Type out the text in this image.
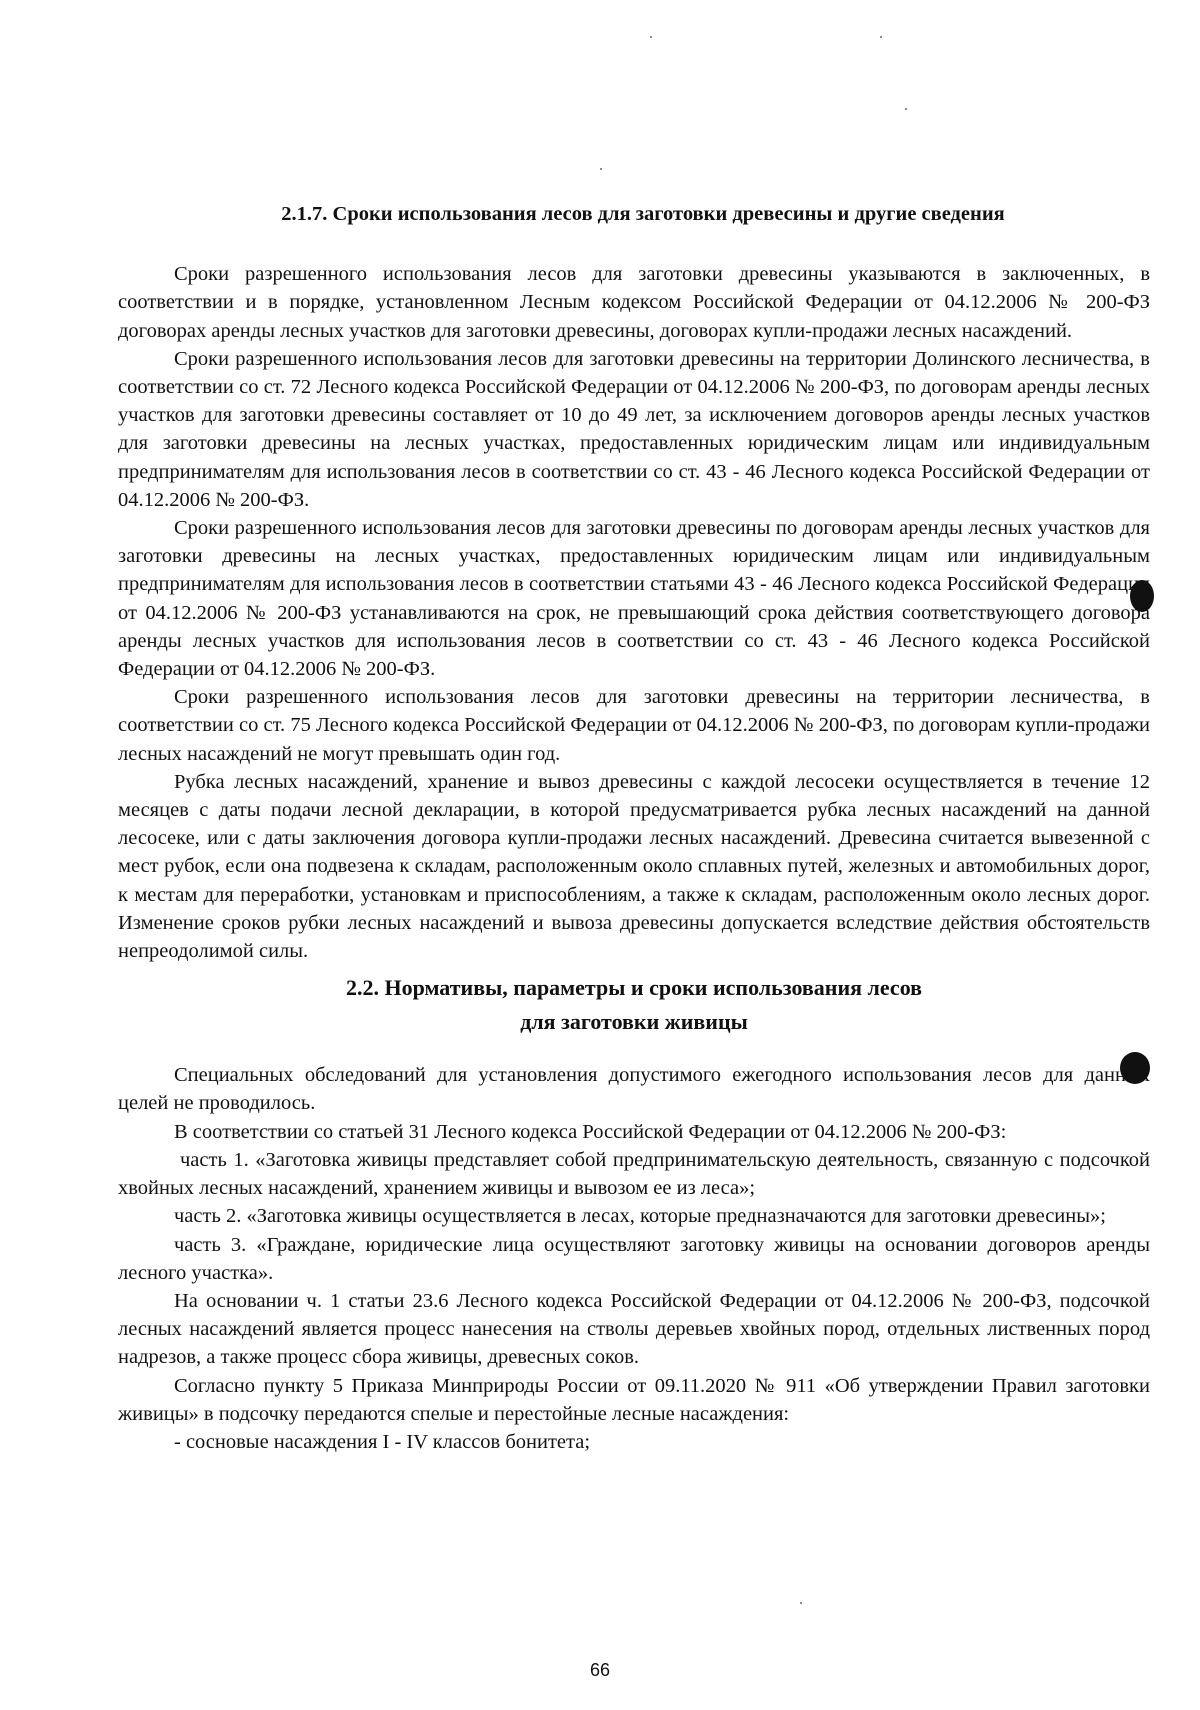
2.1.7. Сроки использования лесов для заготовки древесины и другие сведения

Сроки разрешенного использования лесов для заготовки древесины указываются в заключенных, в соответствии и в порядке, установленном Лесным кодексом Российской Федерации от 04.12.2006 № 200-ФЗ договорах аренды лесных участков для заготовки древесины, договорах купли-продажи лесных насаждений.

Сроки разрешенного использования лесов для заготовки древесины на территории Долинского лесничества, в соответствии со ст. 72 Лесного кодекса Российской Федерации от 04.12.2006 № 200-ФЗ, по договорам аренды лесных участков для заготовки древесины составляет от 10 до 49 лет, за исключением договоров аренды лесных участков для заготовки древесины на лесных участках, предоставленных юридическим лицам или индивидуальным предпринимателям для использования лесов в соответствии со ст. 43 - 46 Лесного кодекса Российской Федерации от 04.12.2006 № 200-ФЗ.

Сроки разрешенного использования лесов для заготовки древесины по договорам аренды лесных участков для заготовки древесины на лесных участках, предоставленных юридическим лицам или индивидуальным предпринимателям для использования лесов в соответствии статьями 43 - 46 Лесного кодекса Российской Федерации от 04.12.2006 № 200-ФЗ устанавливаются на срок, не превышающий срока действия соответствующего договора аренды лесных участков для использования лесов в соответствии со ст. 43 - 46 Лесного кодекса Российской Федерации от 04.12.2006 № 200-ФЗ.

Сроки разрешенного использования лесов для заготовки древесины на территории лесничества, в соответствии со ст. 75 Лесного кодекса Российской Федерации от 04.12.2006 № 200-ФЗ, по договорам купли-продажи лесных насаждений не могут превышать один год.

Рубка лесных насаждений, хранение и вывоз древесины с каждой лесосеки осуществляется в течение 12 месяцев с даты подачи лесной декларации, в которой предусматривается рубка лесных насаждений на данной лесосеке, или с даты заключения договора купли-продажи лесных насаждений. Древесина считается вывезенной с мест рубок, если она подвезена к складам, расположенным около сплавных путей, железных и автомобильных дорог, к местам для переработки, установкам и приспособлениям, а также к складам, расположенным около лесных дорог. Изменение сроков рубки лесных насаждений и вывоза древесины допускается вследствие действия обстоятельств непреодолимой силы.

2.2. Нормативы, параметры и сроки использования лесов
для заготовки живицы

Специальных обследований для установления допустимого ежегодного использования лесов для данных целей не проводилось.

В соответствии со статьей 31 Лесного кодекса Российской Федерации от 04.12.2006 № 200-ФЗ:

часть 1. «Заготовка живицы представляет собой предпринимательскую деятельность, связанную с подсочкой хвойных лесных насаждений, хранением живицы и вывозом ее из леса»;

часть 2. «Заготовка живицы осуществляется в лесах, которые предназначаются для заготовки древесины»;

часть 3. «Граждане, юридические лица осуществляют заготовку живицы на основании договоров аренды лесного участка».

На основании ч. 1 статьи 23.6 Лесного кодекса Российской Федерации от 04.12.2006 № 200-ФЗ, подсочкой лесных насаждений является процесс нанесения на стволы деревьев хвойных пород, отдельных лиственных пород надрезов, а также процесс сбора живицы, древесных соков.

Согласно пункту 5 Приказа Минприроды России от 09.11.2020 № 911 «Об утверждении Правил заготовки живицы» в подсочку передаются спелые и перестойные лесные насаждения:

- сосновые насаждения I - IV классов бонитета;

66
